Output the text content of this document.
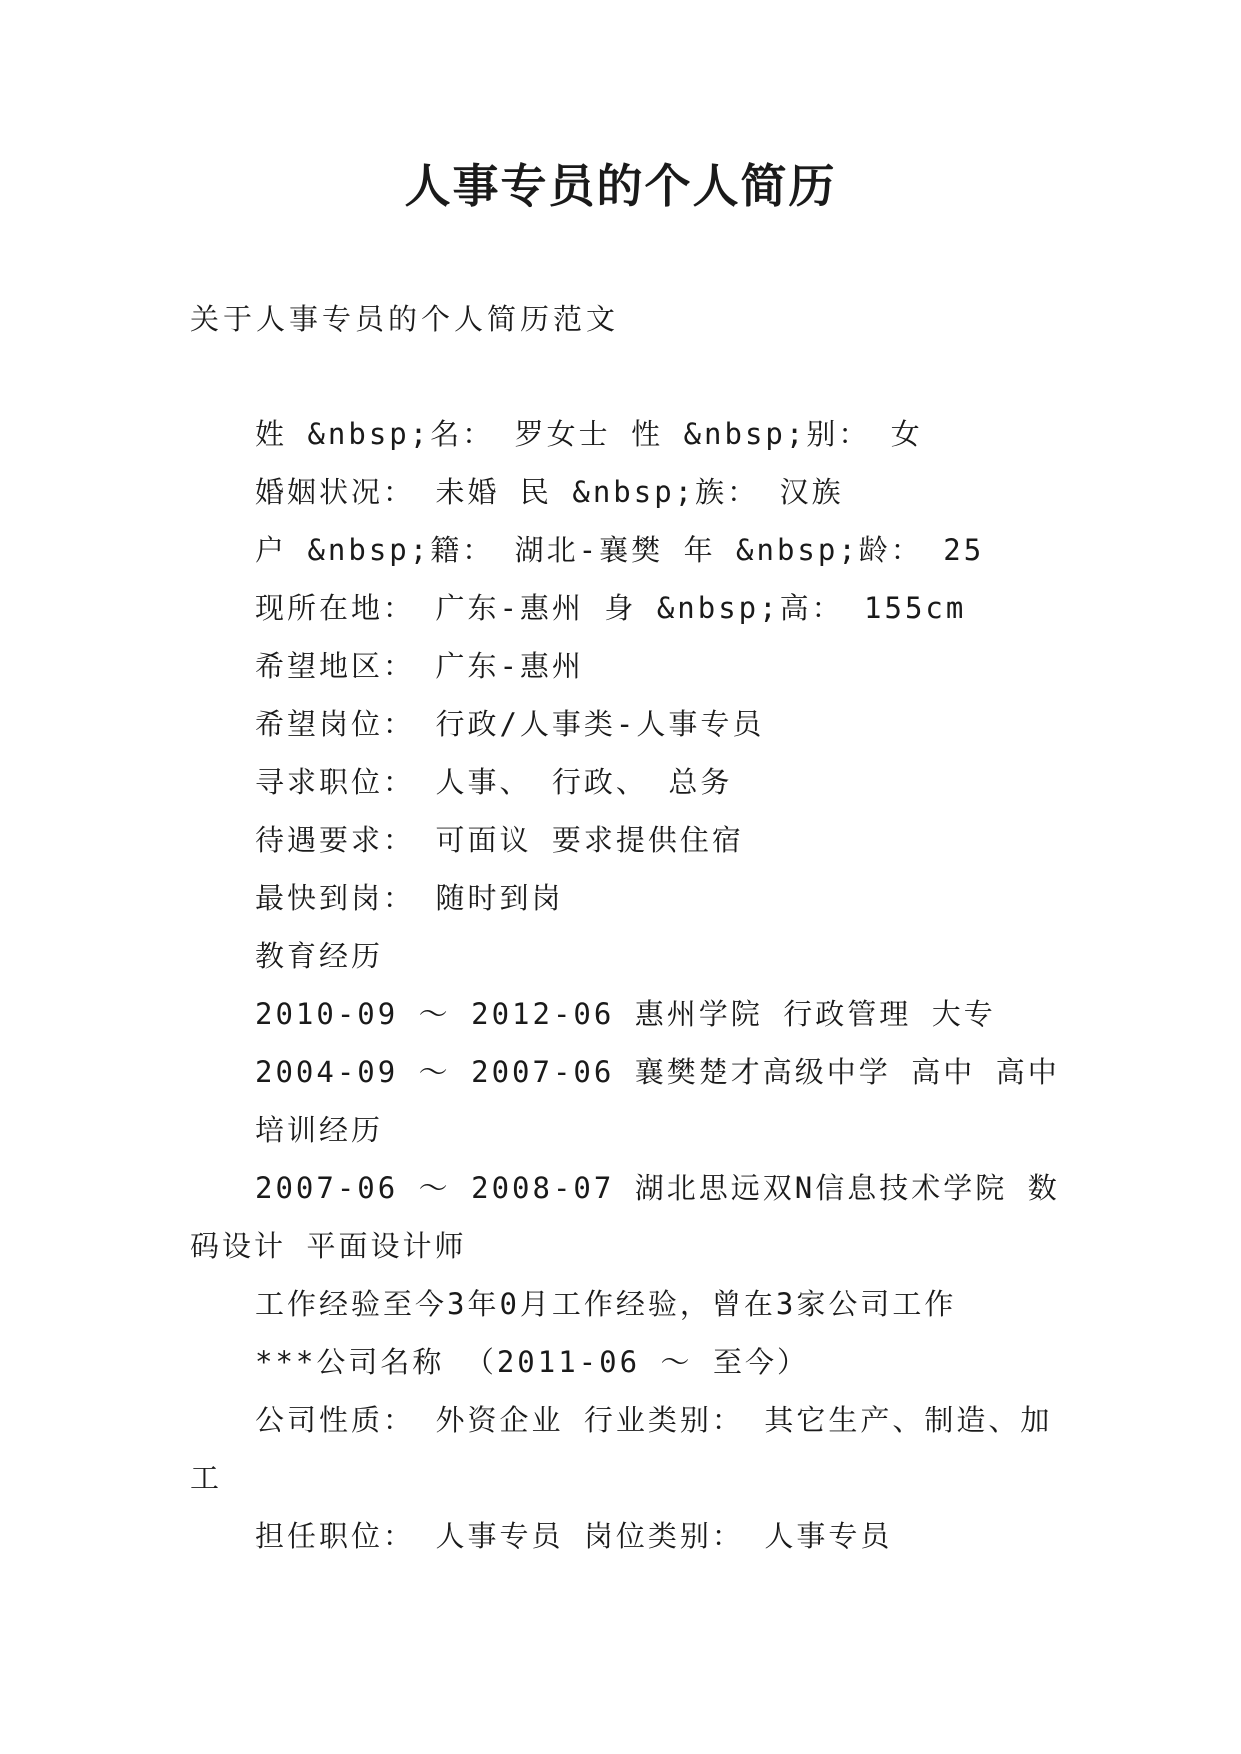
人事专员的个人简历

关于人事专员的个人简历范文

姓 &nbsp;名： 罗女士 性 &nbsp;别： 女
婚姻状况： 未婚 民 &nbsp;族： 汉族
户 &nbsp;籍： 湖北-襄樊 年 &nbsp;龄： 25
现所在地： 广东-惠州 身 &nbsp;高： 155cm
希望地区： 广东-惠州
希望岗位： 行政/人事类-人事专员
寻求职位： 人事、 行政、 总务
待遇要求： 可面议 要求提供住宿
最快到岗： 随时到岗
教育经历
2010-09 ～ 2012-06 惠州学院 行政管理 大专
2004-09 ～ 2007-06 襄樊楚才高级中学 高中 高中
培训经历
2007-06 ～ 2008-07 湖北思远双N信息技术学院 数码设计 平面设计师
工作经验至今3年0月工作经验，曾在3家公司工作
***公司名称 （2011-06 ～ 至今）
公司性质： 外资企业 行业类别： 其它生产、制造、加工
担任职位： 人事专员 岗位类别： 人事专员
